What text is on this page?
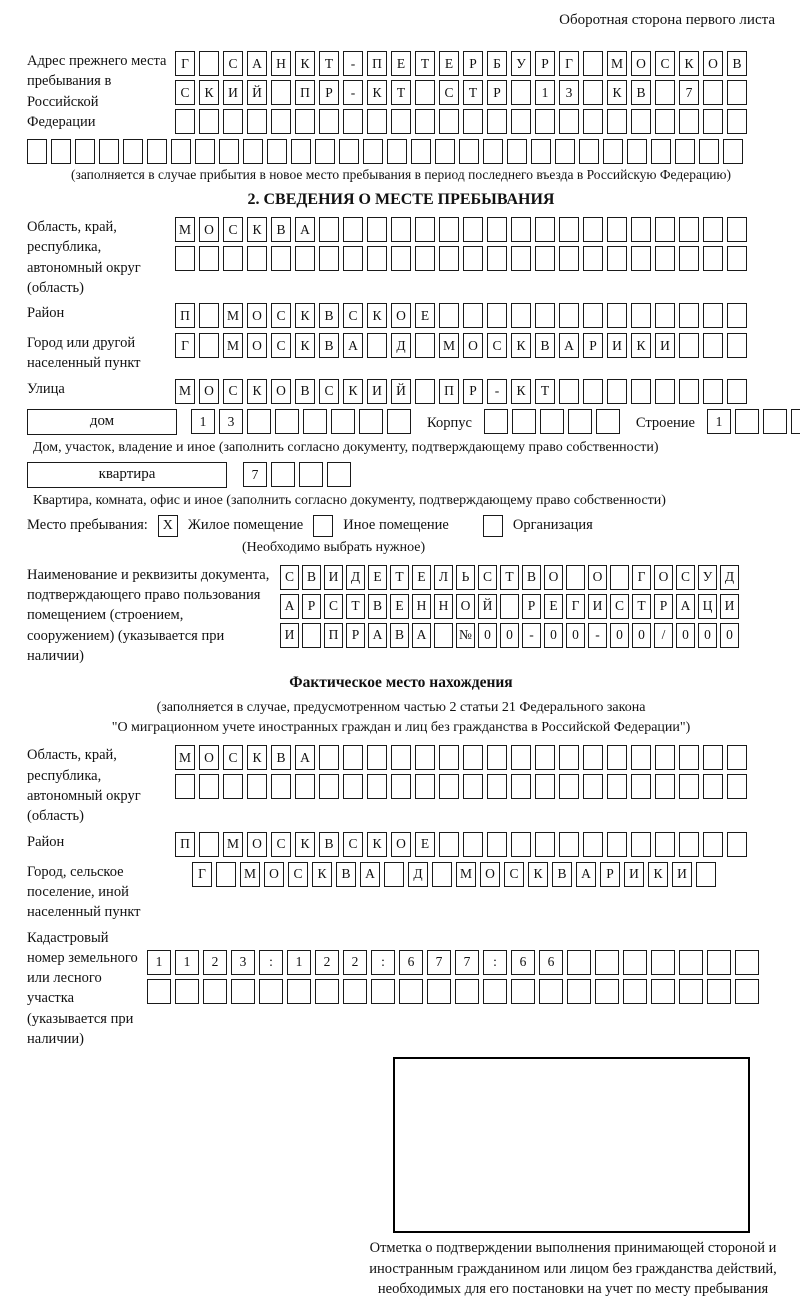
Оборотная сторона первого листа
Адрес прежнего места пребывания в Российской Федерации
Г	С	А	Н	К	Т	-	П	Е	Т	Е	Р	Б	У	Р	Г	М О	С	К	О	В
С	К	И	Й	П	Р	-	К	Т	С	Т	Р	1	3	К	В	7
(заполняется в случае прибытия в новое место пребывания в период последнего въезда в Российскую Федерацию)
2. СВЕДЕНИЯ О МЕСТЕ ПРЕБЫВАНИЯ
Область, край, республика, автономный округ (область)
М О	С	К	В	А
Район	П	М О	С	К	В	С	К	О	Е
Город или другой населенный пункт
Г	М О	С	К	В	А	Д	М О	С	К	В	А	Р	И	К	И
Улица	М О	С	К	О	В	С	К	И	Й	П	Р	-	К	Т
дом	1	3	Корпус	Строение	1
Дом, участок, владение и иное (заполнить согласно документу, подтверждающему право собственности)
квартира	7
Квартира, комната, офис и иное (заполнить согласно документу, подтверждающему право собственности)
Место пребывания:	X	Жилое помещение	Иное помещение	Организация
(Необходимо выбрать нужное)
Наименование и реквизиты документа, подтверждающего право пользования помещением (строением, сооружением) (указывается при наличии)
С В И Д Е	Т	Е Л	Ь	С Т В О	О	Г О С У Д
А Р	С Т В Е Н Н О Й	Р	Е	Г И С Т	Р А Ц И
И	П Р А В А	№ 0	0	-	0	0	-	0	0	/	0	0	0
Фактическое место нахождения
(заполняется в случае, предусмотренном частью 2 статьи 21 Федерального закона
"О миграционном учете иностранных граждан и лиц без гражданства в Российской Федерации")
Область, край, республика, автономный округ (область)
М О	С	К	В	А
Район	П	М О	С	К	В	С	К	О	Е
Город, сельское поселение, иной населенный пункт
Г	М О	С	К	В	А	Д	М О	С	К	В	А	Р	И	К	И
Кадастровый номер земельного или лесного участка (указывается при наличии)
1	1	2	3	:	1	2	2	:	6	7	7	:	6	6
Отметка о подтверждении выполнения принимающей стороной и иностранным гражданином или лицом без гражданства действий, необходимых для его постановки на учет по месту пребывания
